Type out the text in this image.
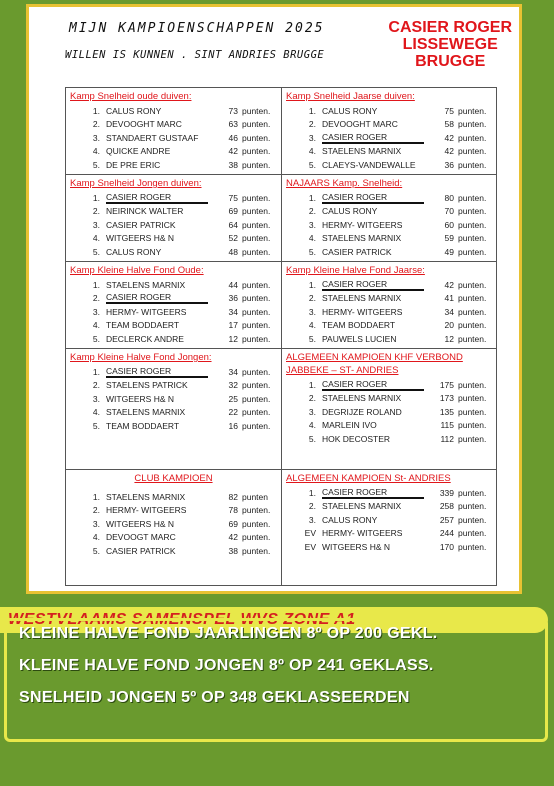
MIJN KAMPIOENSCHAPPEN 2025
WILLEN IS KUNNEN . SINT ANDRIES BRUGGE
CASIER ROGER
LISSEWEGE
BRUGGE
Kamp Snelheid oude duiven:
1. CALUS RONY	73 punten.
2. DEVOOGHT MARC	63 punten.
3. STANDAERT GUSTAAF	46 punten.
4. QUICKE ANDRE	42 punten.
5. DE PRE ERIC	38 punten.
Kamp Snelheid Jaarse duiven:
1. CALUS RONY	75 punten.
2. DEVOOGHT MARC	58 punten.
3. CASIER ROGER	42 punten.
4. STAELENS MARNIX	42 punten.
5. CLAEYS-VANDEWALLE	36 punten.
Kamp Snelheid Jongen duiven:
1. CASIER ROGER	75 punten.
2. NEIRINCK WALTER	69 punten.
3. CASIER PATRICK	64 punten.
4. WITGEERS H& N	52 punten.
5. CALUS RONY	48 punten.
NAJAARS Kamp. Snelheid:
1. CASIER ROGER	80 punten.
2. CALUS RONY	70 punten.
3. HERMY- WITGEERS	60 punten.
4. STAELENS MARNIX	59 punten.
5. CASIER PATRICK	49 punten.
Kamp Kleine Halve Fond Oude:
1. STAELENS MARNIX	44 punten.
2. CASIER ROGER	36 punten.
3. HERMY- WITGEERS	34 punten.
4. TEAM BODDAERT	17 punten.
5. DECLERCK ANDRE	12 punten.
Kamp Kleine Halve Fond Jaarse:
1. CASIER ROGER	42 punten.
2. STAELENS MARNIX	41 punten.
3. HERMY- WITGEERS	34 punten.
4. TEAM BODDAERT	20 punten.
5. PAUWELS LUCIEN	12 punten.
Kamp Kleine Halve Fond Jongen:
1. CASIER ROGER	34 punten.
2. STAELENS PATRICK	32 punten.
3. WITGEERS H& N	25 punten.
4. STAELENS MARNIX	22 punten.
5. TEAM BODDAERT	16 punten.
ALGEMEEN KAMPIOEN KHF VERBOND
JABBEKE – ST- ANDRIES
1. CASIER ROGER	175 punten.
2. STAELENS MARNIX	173 punten.
3. DEGRIJZE ROLAND	135 punten.
4. MARLEIN IVO	115 punten.
5. HOK DECOSTER	112 punten.
CLUB KAMPIOEN
1. STAELENS MARNIX	82 punten
2. HERMY- WITGEERS	78 punten.
3. WITGEERS H& N	69 punten.
4. DEVOOGT MARC	42 punten.
5. CASIER PATRICK	38 punten.
ALGEMEEN KAMPIOEN St- ANDRIES
1. CASIER ROGER	339 punten.
2. STAELENS MARNIX	258 punten.
3. CALUS RONY	257 punten.
EV HERMY- WITGEERS	244 punten.
EV WITGEERS H& N	170 punten.
WESTVLAAMS SAMENSPEL WVS ZONE A1
KLEINE HALVE FOND JAARLINGEN 8º OP 200 GEKL.
KLEINE HALVE FOND JONGEN 8º OP 241 GEKLASS.
SNELHEID JONGEN 5º OP 348 GEKLASSEERDEN
